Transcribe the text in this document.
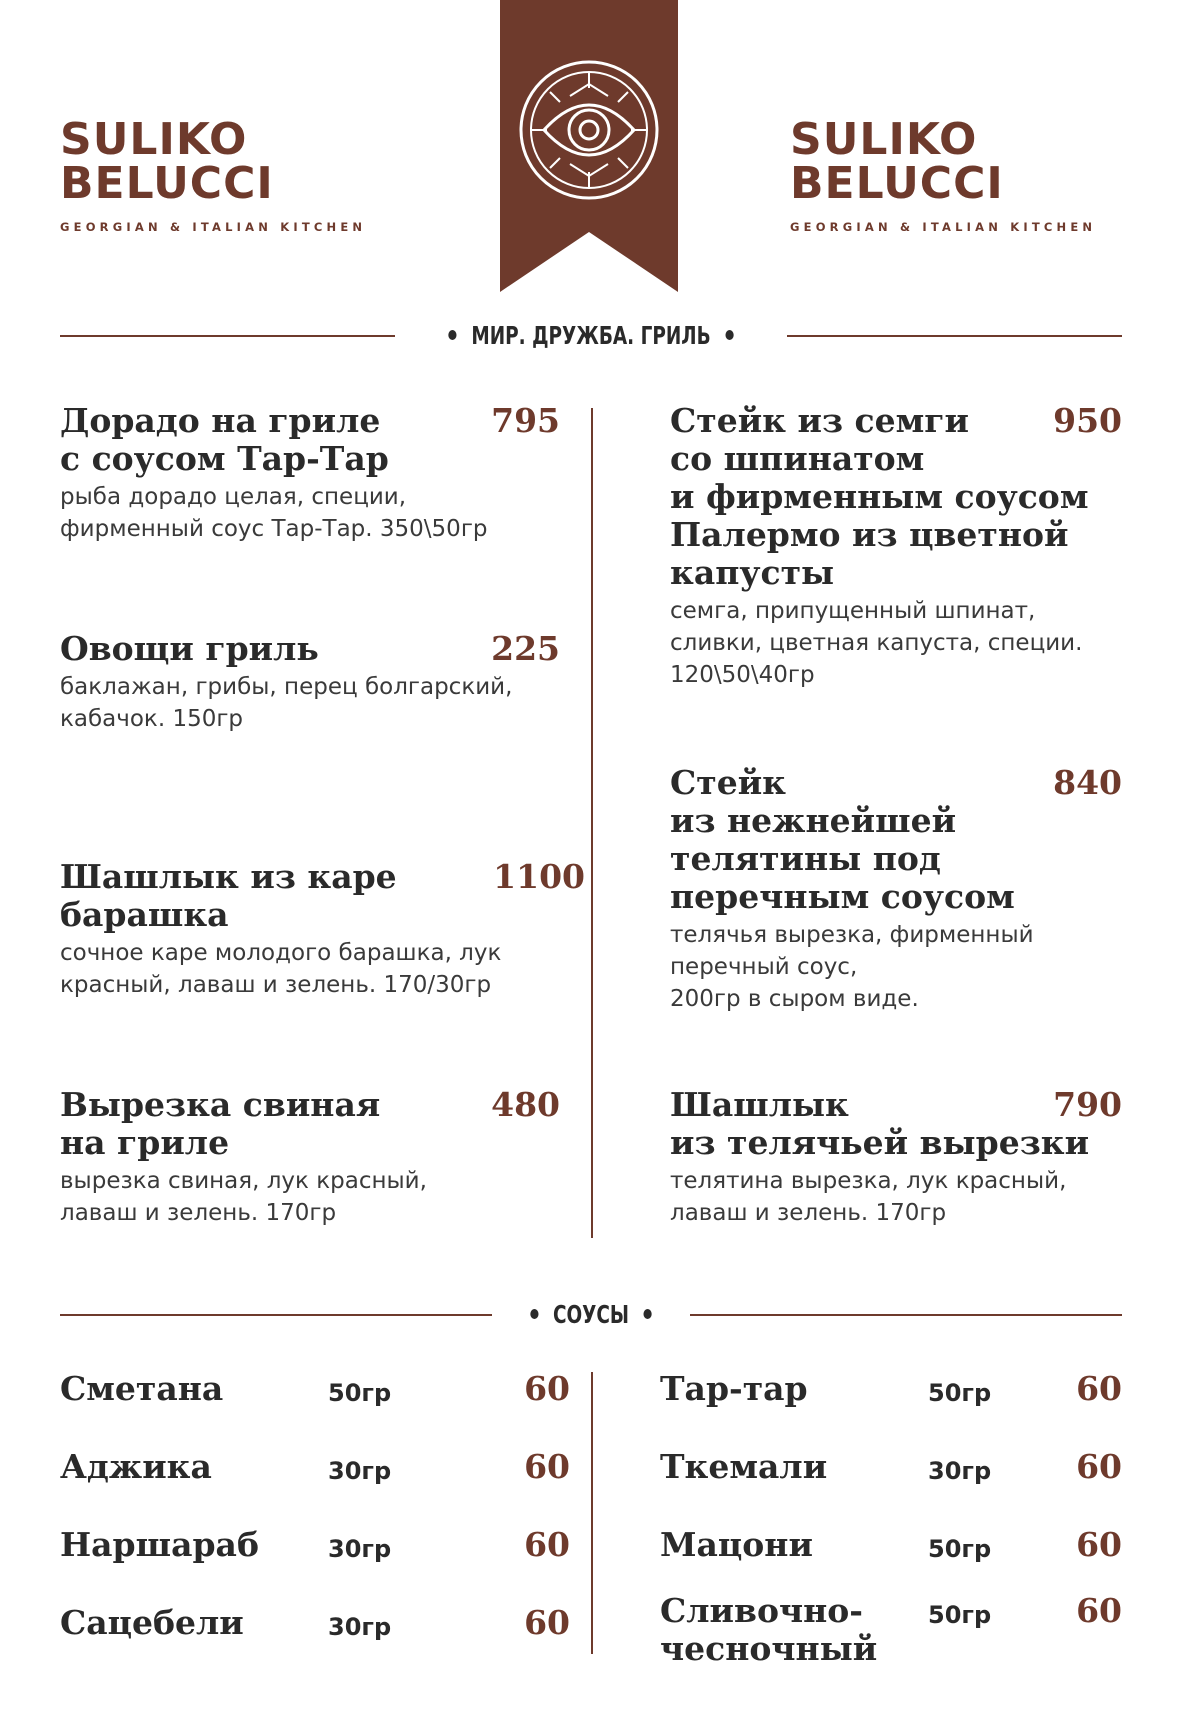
SULIKO BELUCCI
GEORGIAN & ITALIAN KITCHEN
SULIKO BELUCCI
GEORGIAN & ITALIAN KITCHEN
МИР. ДРУЖБА. ГРИЛЬ
Дорадо на гриле
с соусом Тар-Тар
795
рыба дорадо целая, специи,
фирменный соус Тар-Тар. 350\50гр
Овощи гриль	225
баклажан, грибы, перец болгарский,
кабачок. 150гр
Шашлык из каре
барашка
1100
сочное каре молодого барашка, лук
красный, лаваш и зелень. 170/30гр
Вырезка свиная
на гриле
480
вырезка свиная, лук красный,
лаваш и зелень. 170гр
Стейк из семги
со шпинатом
и фирменным соусом
Палермо из цветной
капусты
950
семга, припущенный шпинат,
сливки, цветная капуста, специи.
120\50\40гр
Стейк
из нежнейшей
телятины под
перечным соусом
840
телячья вырезка, фирменный
перечный соус,
200гр в сыром виде.
Шашлык
из телячьей вырезки
790
телятина вырезка, лук красный,
лаваш и зелень. 170гр
СОУСЫ
Сметана	50гр	60
Аджика	30гр	60
Наршараб	30гр	60
Сацебели	30гр	60
Тар-тар	50гр	60
Ткемали	30гр	60
Мацони	50гр	60
Сливочно-
чесночный
50гр	60
